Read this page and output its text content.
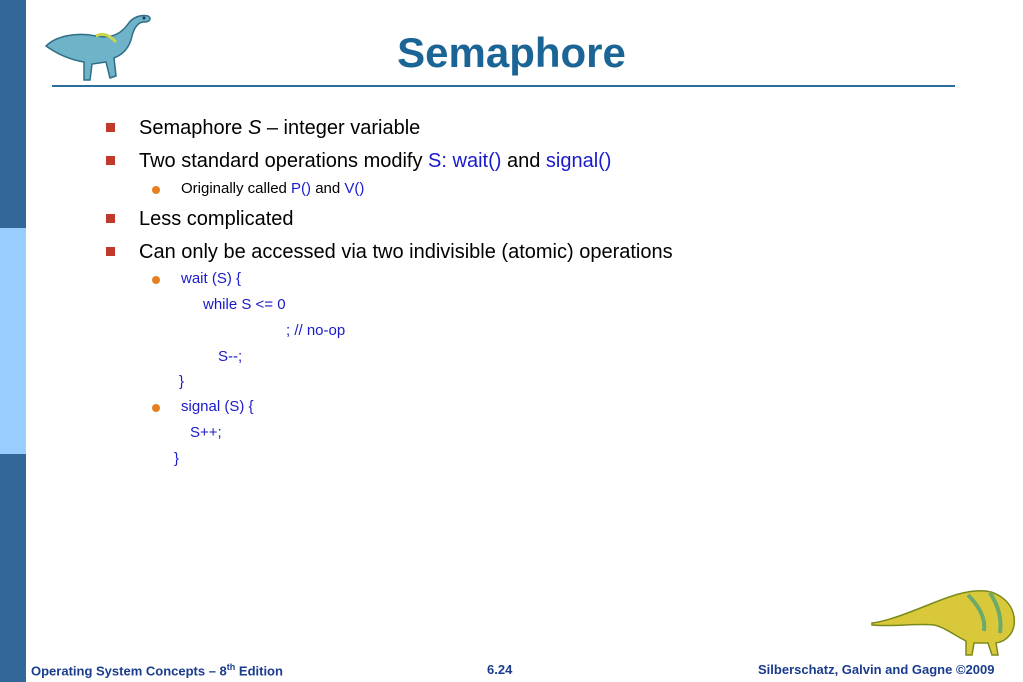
Semaphore
Semaphore S – integer variable
Two standard operations modify S: wait() and signal()
Originally called P() and V()
Less complicated
Can only be accessed via two indivisible (atomic) operations
wait (S) {
while S <= 0
; // no-op
S--;
}
signal (S) {
S++;
}
Operating System Concepts – 8th Edition	6.24	Silberschatz, Galvin and Gagne ©2009
